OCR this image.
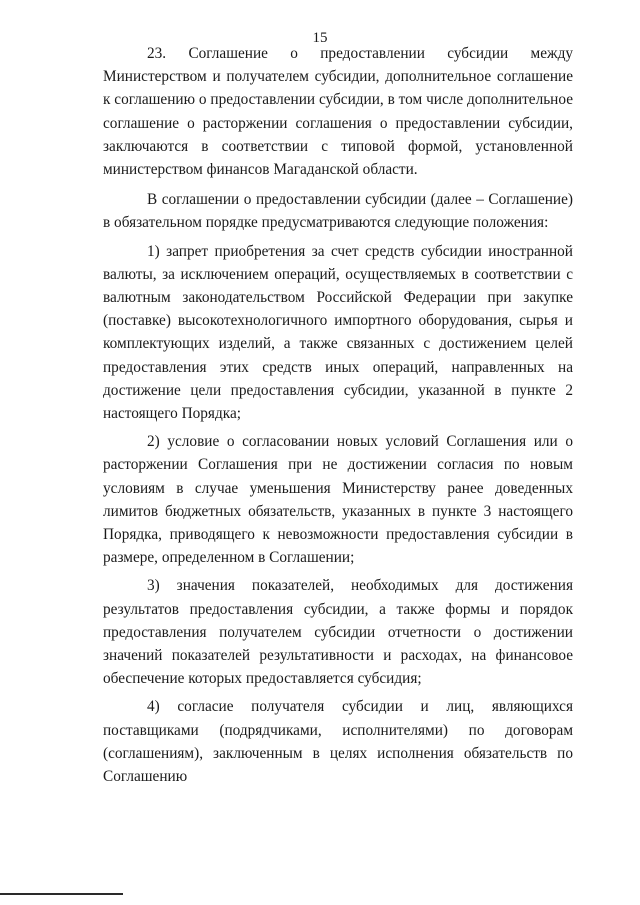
15

23. Соглашение о предоставлении субсидии между Министерством и получателем субсидии, дополнительное соглашение к соглашению о предоставлении субсидии, в том числе дополнительное соглашение о расторжении соглашения о предоставлении субсидии, заключаются в соответствии с типовой формой, установленной министерством финансов Магаданской области.

В соглашении о предоставлении субсидии (далее – Соглашение) в обязательном порядке предусматриваются следующие положения:

1) запрет приобретения за счет средств субсидии иностранной валюты, за исключением операций, осуществляемых в соответствии с валютным законодательством Российской Федерации при закупке (поставке) высокотехнологичного импортного оборудования, сырья и комплектующих изделий, а также связанных с достижением целей предоставления этих средств иных операций, направленных на достижение цели предоставления субсидии, указанной в пункте 2 настоящего Порядка;

2) условие о согласовании новых условий Соглашения или о расторжении Соглашения при не достижении согласия по новым условиям в случае уменьшения Министерству ранее доведенных лимитов бюджетных обязательств, указанных в пункте 3 настоящего Порядка, приводящего к невозможности предоставления субсидии в размере, определенном в Соглашении;

3) значения показателей, необходимых для достижения результатов предоставления субсидии, а также формы и порядок предоставления получателем субсидии отчетности о достижении значений показателей результативности и расходах, на финансовое обеспечение которых предоставляется субсидия;

4) согласие получателя субсидии и лиц, являющихся поставщиками (подрядчиками, исполнителями) по договорам (соглашениям), заключенным в целях исполнения обязательств по Соглашению
